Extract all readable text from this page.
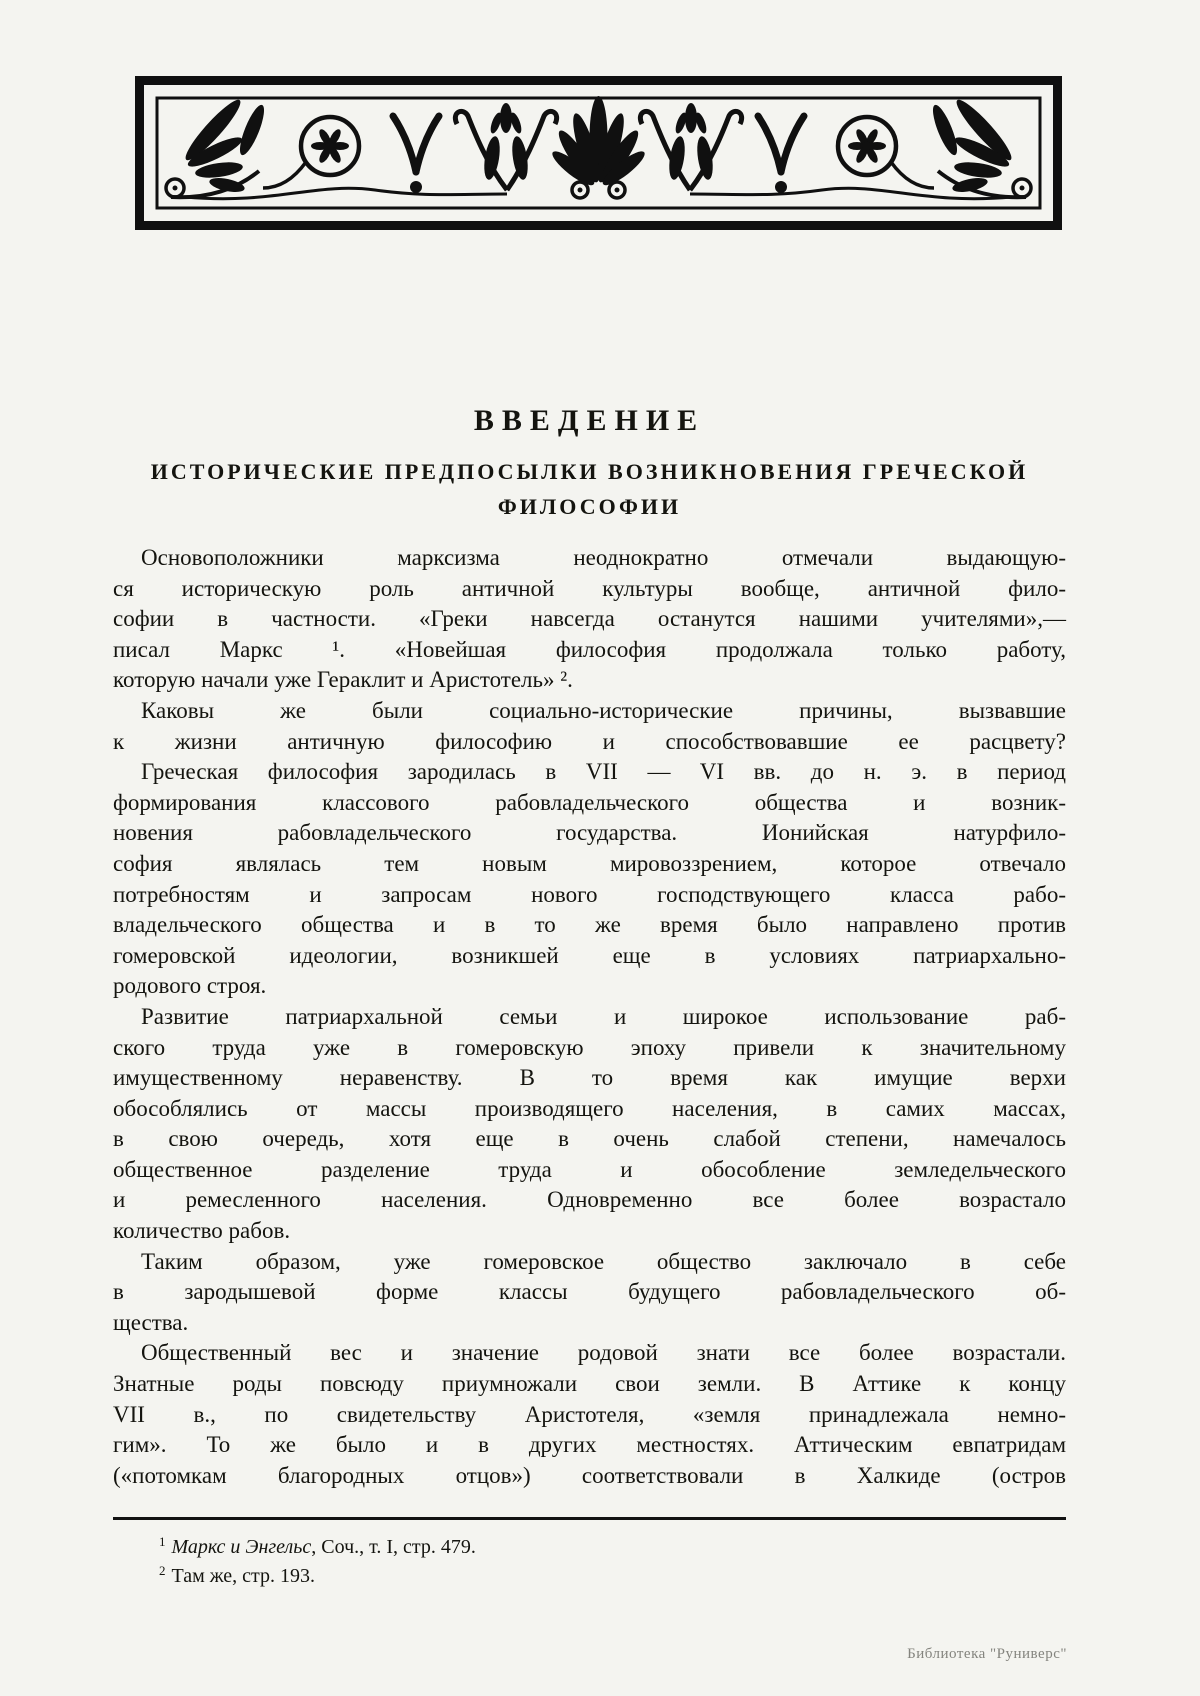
ВВЕДЕНИЕ
ИСТОРИЧЕСКИЕ ПРЕДПОСЫЛКИ ВОЗНИКНОВЕНИЯ ГРЕЧЕСКОЙ
ФИЛОСОФИИ
Основоположники марксизма неоднократно отмечали выдающую-
ся историческую роль античной культуры вообще, античной фило-
софии в частности. «Греки навсегда останутся нашими учителями»,—
писал Маркс ¹. «Новейшая философия продолжала только работу,
которую начали уже Гераклит и Аристотель» ².
Каковы же были социально-исторические причины, вызвавшие
к жизни античную философию и способствовавшие ее расцвету?
Греческая философия зародилась в VII — VI вв. до н. э. в период
формирования классового рабовладельческого общества и возник-
новения рабовладельческого государства. Ионийская натурфило-
софия являлась тем новым мировоззрением, которое отвечало
потребностям и запросам нового господствующего класса рабо-
владельческого общества и в то же время было направлено против
гомеровской идеологии, возникшей еще в условиях патриархально-
родового строя.
Развитие патриархальной семьи и широкое использование раб-
ского труда уже в гомеровскую эпоху привели к значительному
имущественному неравенству. В то время как имущие верхи
обособлялись от массы производящего населения, в самих массах,
в свою очередь, хотя еще в очень слабой степени, намечалось
общественное разделение труда и обособление земледельческого
и ремесленного населения. Одновременно все более возрастало
количество рабов.
Таким образом, уже гомеровское общество заключало в себе
в зародышевой форме классы будущего рабовладельческого об-
щества.
Общественный вес и значение родовой знати все более возрастали.
Знатные роды повсюду приумножали свои земли. В Аттике к концу
VII в., по свидетельству Аристотеля, «земля принадлежала немно-
гим». То же было и в других местностях. Аттическим евпатридам
(«потомкам благородных отцов») соответствовали в Халкиде (остров
$^1$ Маркс и Энгельс, Соч., т. I, стр. 479.
$^2$ Там же, стр. 193.
Библиотека "Руниверс"
